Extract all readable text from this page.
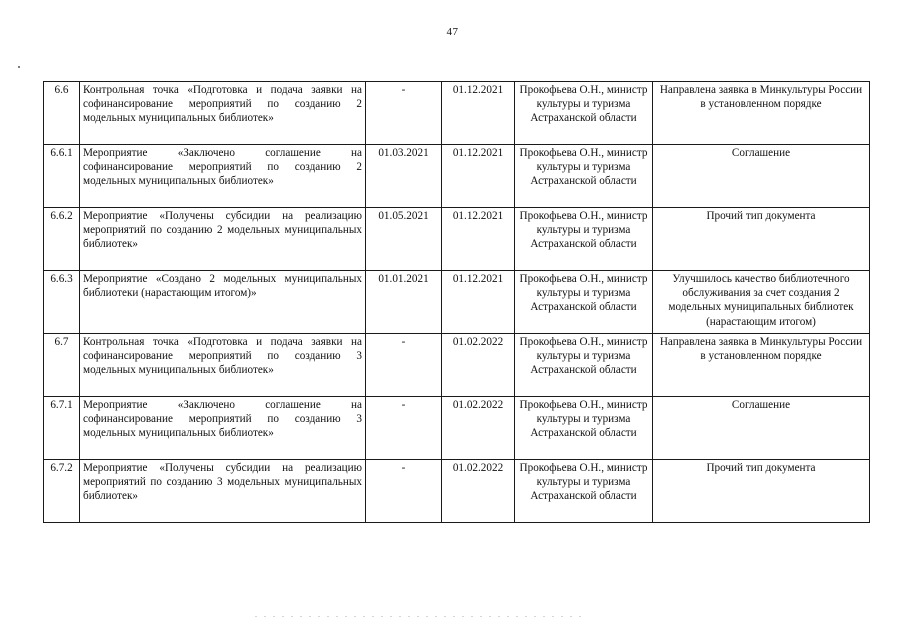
47
6.6	Контрольная точка «Подготовка и подача заявки на софинансирование мероприятий по созданию 2 модельных муниципальных библиотек»	-	01.12.2021	Прокофьева О.Н., министр культуры и туризма Астраханской области	Направлена заявка в Минкультуры России в установленном порядке
6.6.1	Мероприятие «Заключено соглашение на софинансирование мероприятий по созданию 2 модельных муниципальных библиотек»	01.03.2021	01.12.2021	Прокофьева О.Н., министр культуры и туризма Астраханской области	Соглашение
6.6.2	Мероприятие «Получены субсидии на реализацию мероприятий по созданию 2 модельных муниципальных библиотек»	01.05.2021	01.12.2021	Прокофьева О.Н., министр культуры и туризма Астраханской области	Прочий тип документа
6.6.3	Мероприятие «Создано 2 модельных муниципальных библиотеки (нарастающим итогом)»	01.01.2021	01.12.2021	Прокофьева О.Н., министр культуры и туризма Астраханской области	Улучшилось качество библиотечного обслуживания за счет создания 2 модельных муниципальных библиотек (нарастающим итогом)
6.7	Контрольная точка «Подготовка и подача заявки на софинансирование мероприятий по созданию 3 модельных муниципальных библиотек»	-	01.02.2022	Прокофьева О.Н., министр культуры и туризма Астраханской области	Направлена заявка в Минкультуры России в установленном порядке
6.7.1	Мероприятие «Заключено соглашение на софинансирование мероприятий по созданию 3 модельных муниципальных библиотек»	-	01.02.2022	Прокофьева О.Н., министр культуры и туризма Астраханской области	Соглашение
6.7.2	Мероприятие «Получены субсидии на реализацию мероприятий по созданию 3 модельных муниципальных библиотек»	-	01.02.2022	Прокофьева О.Н., министр культуры и туризма Астраханской области	Прочий тип документа
